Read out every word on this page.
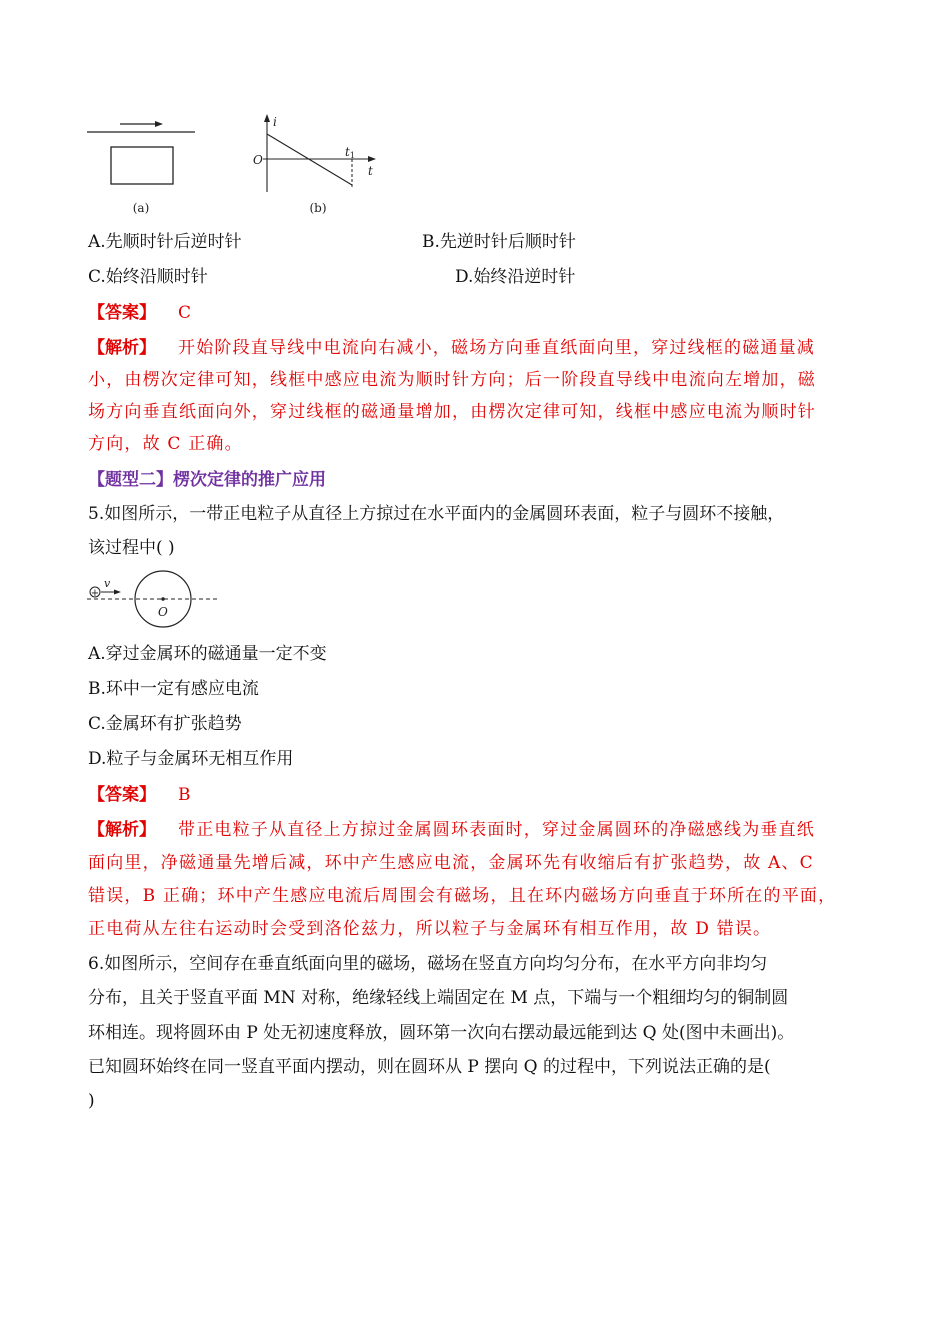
(a)
i
t
O
t1
(b)
A.先顺时针后逆时针	B.先逆时针后顺时针
C.始终沿顺时针	D.始终沿逆时针
【答案】 C
【解析】 开始阶段直导线中电流向右减小，磁场方向垂直纸面向里，穿过线框的磁通量减
小，由楞次定律可知，线框中感应电流为顺时针方向；后一阶段直导线中电流向左增加，磁
场方向垂直纸面向外，穿过线框的磁通量增加，由楞次定律可知，线框中感应电流为顺时针
方向，故 C 正确。
【题型二】楞次定律的推广应用
5.如图所示，一带正电粒子从直径上方掠过在水平面内的金属圆环表面，粒子与圆环不接触，
该过程中( )
O
+
v
A.穿过金属环的磁通量一定不变
B.环中一定有感应电流
C.金属环有扩张趋势
D.粒子与金属环无相互作用
【答案】 B
【解析】 带正电粒子从直径上方掠过金属圆环表面时，穿过金属圆环的净磁感线为垂直纸
面向里，净磁通量先增后减，环中产生感应电流，金属环先有收缩后有扩张趋势，故 A、C
错误，B 正确；环中产生感应电流后周围会有磁场，且在环内磁场方向垂直于环所在的平面，
正电荷从左往右运动时会受到洛伦兹力，所以粒子与金属环有相互作用，故 D 错误。
6.如图所示，空间存在垂直纸面向里的磁场，磁场在竖直方向均匀分布，在水平方向非均匀
分布，且关于竖直平面 MN 对称，绝缘轻线上端固定在 M 点，下端与一个粗细均匀的铜制圆
环相连。现将圆环由 P 处无初速度释放，圆环第一次向右摆动最远能到达 Q 处(图中未画出)。
已知圆环始终在同一竖直平面内摆动，则在圆环从 P 摆向 Q 的过程中，下列说法正确的是(
)
